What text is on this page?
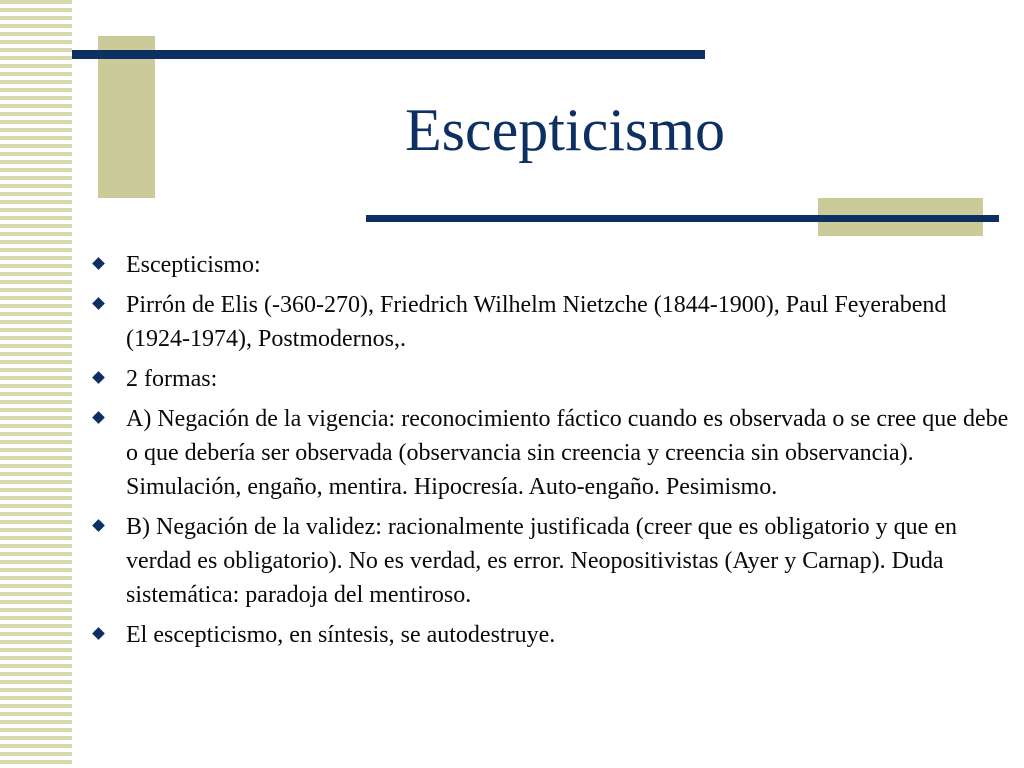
Escepticismo
Escepticismo:
Pirrón de Elis (-360-270), Friedrich Wilhelm Nietzche (1844-1900), Paul Feyerabend (1924-1974), Postmodernos,.
2 formas:
A) Negación de la vigencia: reconocimiento fáctico cuando es observada o se cree que debe o que debería ser observada (observancia sin creencia y creencia sin observancia). Simulación, engaño, mentira. Hipocresía. Auto-engaño. Pesimismo.
B) Negación de la validez: racionalmente justificada (creer que es obligatorio y que en verdad es obligatorio). No es verdad, es error. Neopositivistas (Ayer y Carnap). Duda sistemática: paradoja del mentiroso.
El escepticismo, en síntesis, se autodestruye.
